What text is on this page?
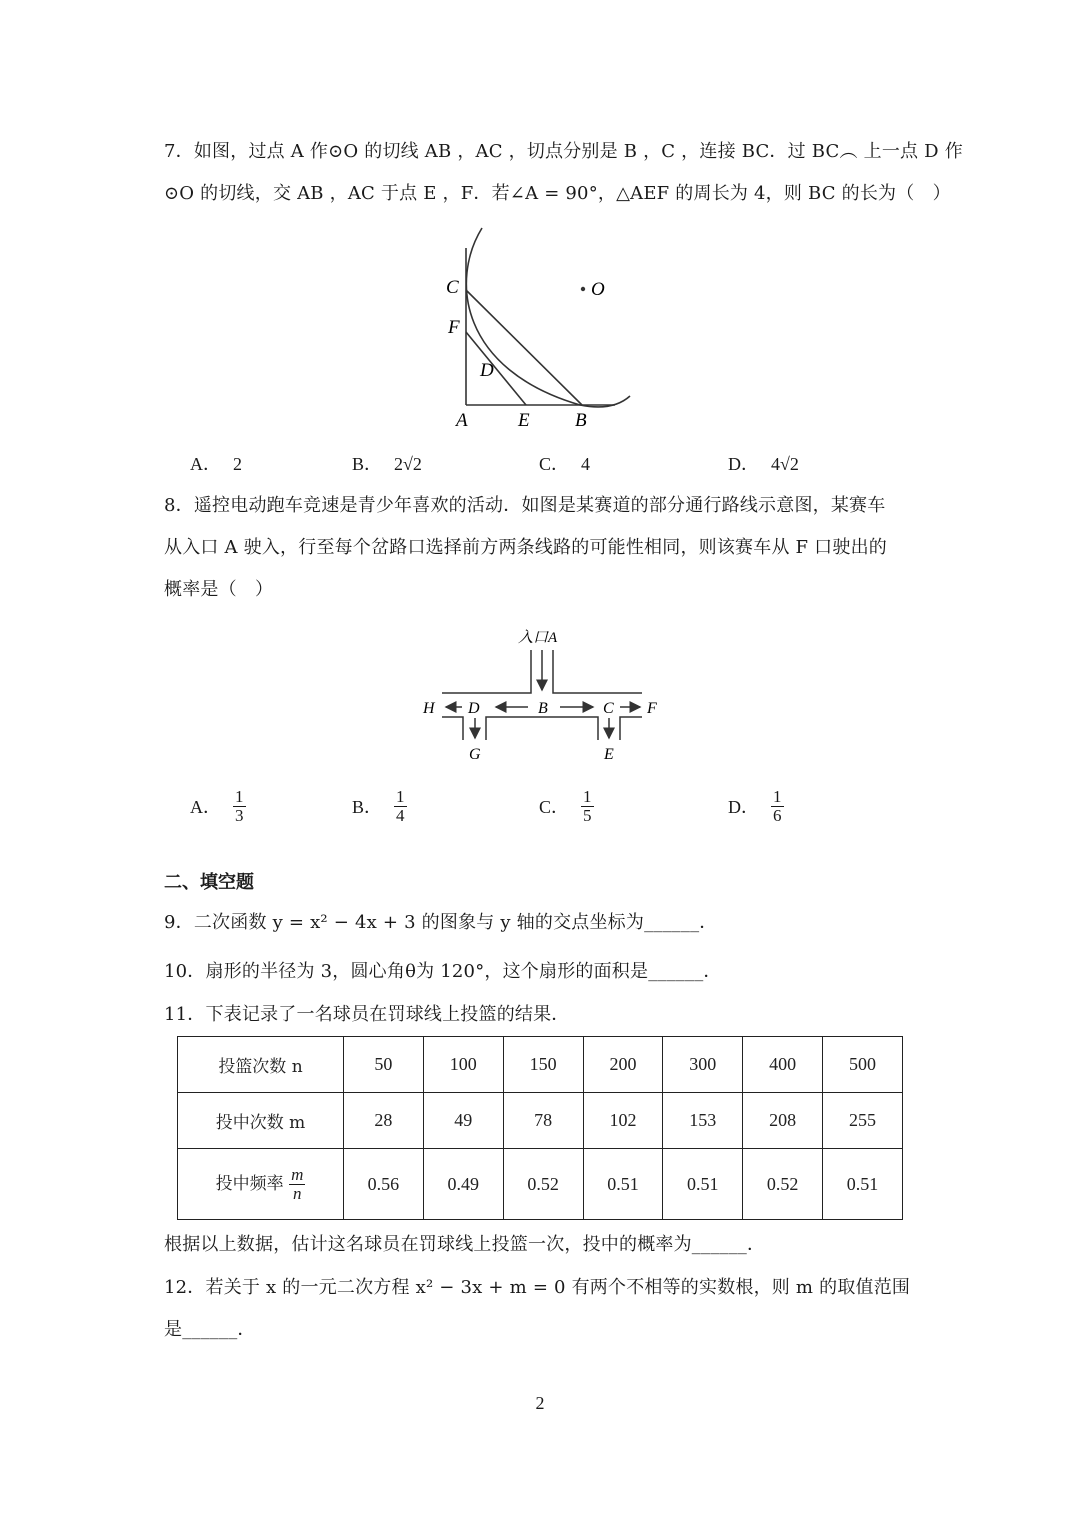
7．如图，过点 A 作⊙O 的切线 AB ，AC ，切点分别是 B ，C ，连接 BC．过 BC︵ 上一点 D 作
⊙O 的切线，交 AB ，AC 于点 E ，F．若∠A = 90°，△AEF 的周长为 4，则 BC 的长为（　）
O
C
F
D
A	E B
A． 2	B． 2√2	C． 4	D． 4√2
8．遥控电动跑车竞速是青少年喜欢的活动．如图是某赛道的部分通行路线示意图，某赛车
从入口 A 驶入，行至每个岔路口选择前方两条线路的可能性相同，则该赛车从 F 口驶出的
概率是（　）
入口A
H D	B	C F
G	E
A． $\frac{1}{3}$	B． $\frac{1}{4}$	C． $\frac{1}{5}$	D． $\frac{1}{6}$
二、填空题
9．二次函数 y = x² − 4x + 3 的图象与 y 轴的交点坐标为______．
10．扇形的半径为 3，圆心角θ为 120°，这个扇形的面积是______．
11．下表记录了一名球员在罚球线上投篮的结果．
投篮次数 n	50	100	150	200	300	400	500
投中次数 m	28	49	78	102	153	208	255
投中频率 $\frac{m}{n}$	0.56	0.49	0.52	0.51	0.51	0.52	0.51
根据以上数据，估计这名球员在罚球线上投篮一次，投中的概率为______．
12．若关于 x 的一元二次方程 x² − 3x + m = 0 有两个不相等的实数根，则 m 的取值范围
是______．
2
